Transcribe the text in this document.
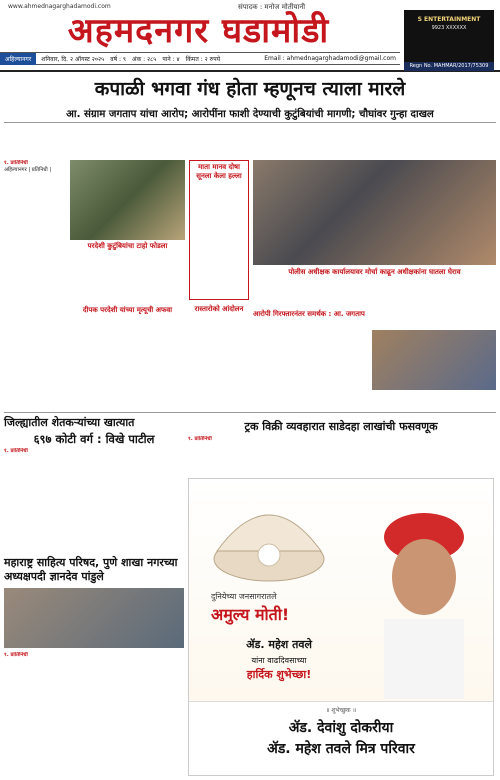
www.ahmednagarghadamodi.com	संपादक : मनोज मोतीयानी
अहमदनगर घडामोडी	S ENTERTAINMENT
9923 XXXXXX
Regn No. MAHMAR/2017/75309
अहिल्यानगर	शनिवार, दि. २ ऑगस्ट २०२५ वर्ष : ९ अंक : २८५ पाने : ४ किंमत : २ रुपये	Email : ahmednagarghadamodi@gmail.com
कपाळी भगवा गंध होता म्हणूनच त्याला मारले
आ. संग्राम जगताप यांचा आरोप; आरोपींना फाशी देण्याची कुटुंबियांची मागणी; चौघांवर गुन्हा दाखल
१. प्रातिनिधी
अहिल्यानगर | प्रतिनिधी |
परदेशी कुटुंबियांचा टाहो फोडला
दीपक परदेशी यांच्या मृत्यूची अफवा
माता मानव दोषा सूनला केला हल्ला
रास्तारोको आंदोलन
पोलीस अधीक्षक कार्यालयावर मोर्चा काढून अधीक्षकांना घातला घेराव
आरोपी गिरफ्तारनंतर समर्थक : आ. जगताप
जिल्ह्यातील शेतकऱ्यांच्या खात्यात
६९७ कोटी वर्ग : विखे पाटील
१. प्रातिनिधी
ट्रक विक्री व्यवहारात साडेदहा लाखांची फसवणूक
१. प्रातिनिधी
महाराष्ट्र साहित्य परिषद, पुणे शाखा नगरच्या अध्यक्षपदी ज्ञानदेव पांडुले
१. प्रातिनिधी
दुनियेच्या जनसागरातले
अमुल्य मोती!
ॲड. महेश तवले
यांना वाढदिवसाच्या
हार्दिक शुभेच्छा!
॥ शुभेच्छुक ॥
ॲड. देवांशु दोकरीया
ॲड. महेश तवले मित्र परिवार
